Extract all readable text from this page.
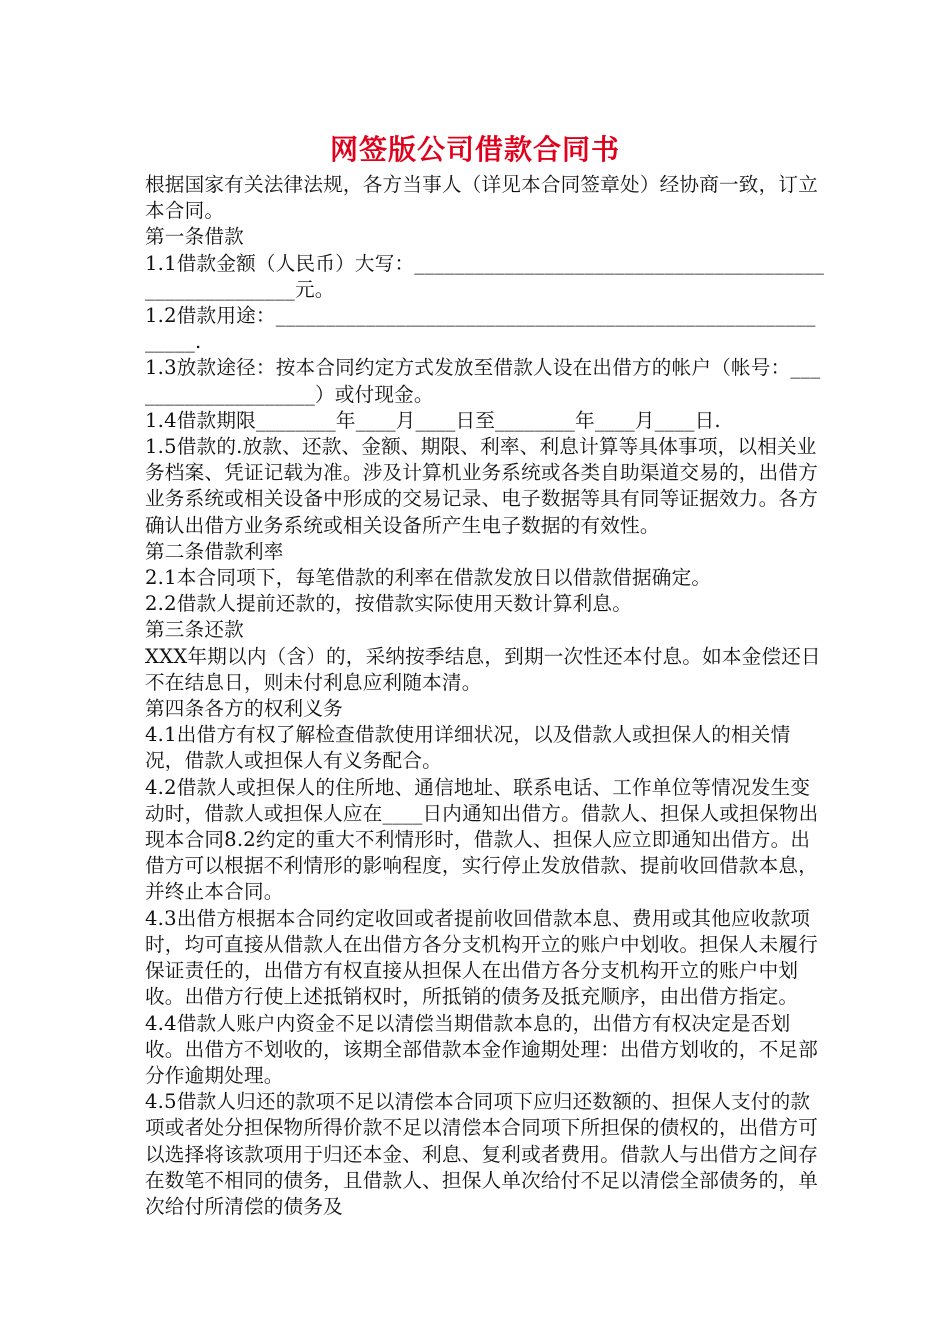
网签版公司借款合同书

根据国家有关法律法规，各方当事人（详见本合同签章处）经协商一致，订立本合同。

第一条借款

1.1借款金额（人民币）大写：________________________________________________________元。

1.2借款用途：___________________________________________________________.

1.3放款途径：按本合同约定方式发放至借款人设在出借方的帐户（帐号：____________________）或付现金。

1.4借款期限________年____月____日至________年____月____日.

1.5借款的.放款、还款、金额、期限、利率、利息计算等具体事项，以相关业务档案、凭证记载为准。涉及计算机业务系统或各类自助渠道交易的，出借方业务系统或相关设备中形成的交易记录、电子数据等具有同等证据效力。各方确认出借方业务系统或相关设备所产生电子数据的有效性。

第二条借款利率

2.1本合同项下，每笔借款的利率在借款发放日以借款借据确定。

2.2借款人提前还款的，按借款实际使用天数计算利息。

第三条还款

XXX年期以内（含）的，采纳按季结息，到期一次性还本付息。如本金偿还日不在结息日，则未付利息应利随本清。

第四条各方的权利义务

4.1出借方有权了解检查借款使用详细状况，以及借款人或担保人的相关情况，借款人或担保人有义务配合。

4.2借款人或担保人的住所地、通信地址、联系电话、工作单位等情况发生变动时，借款人或担保人应在____日内通知出借方。借款人、担保人或担保物出现本合同8.2约定的重大不利情形时，借款人、担保人应立即通知出借方。出借方可以根据不利情形的影响程度，实行停止发放借款、提前收回借款本息，并终止本合同。

4.3出借方根据本合同约定收回或者提前收回借款本息、费用或其他应收款项时，均可直接从借款人在出借方各分支机构开立的账户中划收。担保人未履行保证责任的，出借方有权直接从担保人在出借方各分支机构开立的账户中划收。出借方行使上述抵销权时，所抵销的债务及抵充顺序，由出借方指定。

4.4借款人账户内资金不足以清偿当期借款本息的，出借方有权决定是否划收。出借方不划收的，该期全部借款本金作逾期处理：出借方划收的，不足部分作逾期处理。

4.5借款人归还的款项不足以清偿本合同项下应归还数额的、担保人支付的款项或者处分担保物所得价款不足以清偿本合同项下所担保的债权的，出借方可以选择将该款项用于归还本金、利息、复利或者费用。借款人与出借方之间存在数笔不相同的债务，且借款人、担保人单次给付不足以清偿全部债务的，单次给付所清偿的债务及
